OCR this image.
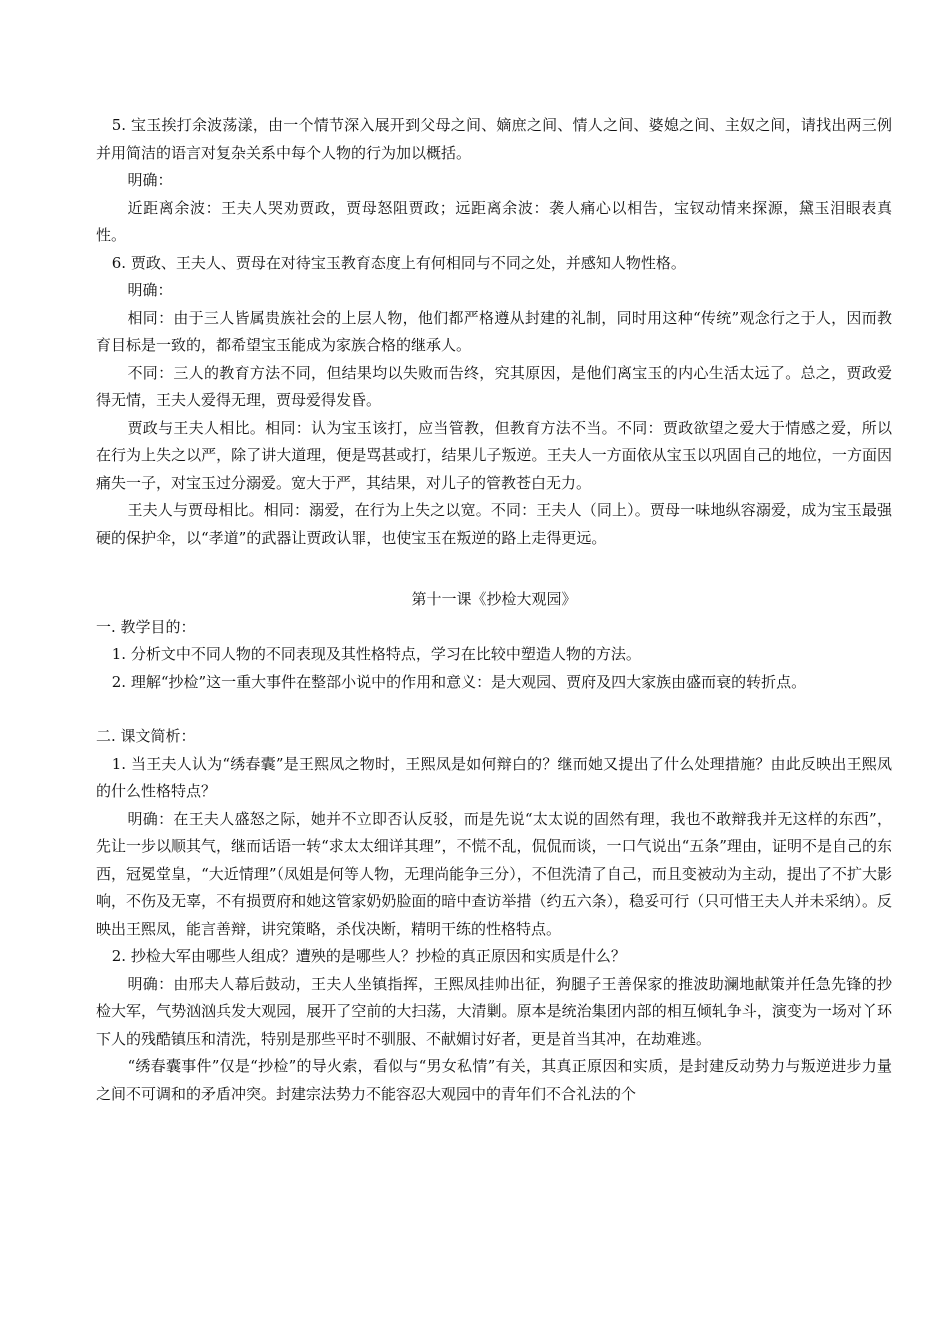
5. 宝玉挨打余波荡漾，由一个情节深入展开到父母之间、嫡庶之间、情人之间、婆媳之间、主奴之间，请找出两三例并用简洁的语言对复杂关系中每个人物的行为加以概括。

明确：

近距离余波：王夫人哭劝贾政，贾母怒阻贾政；远距离余波：袭人痛心以相告，宝钗动情来探源，黛玉泪眼表真性。

6. 贾政、王夫人、贾母在对待宝玉教育态度上有何相同与不同之处，并感知人物性格。

明确：

相同：由于三人皆属贵族社会的上层人物，他们都严格遵从封建的礼制，同时用这种“传统”观念行之于人，因而教育目标是一致的，都希望宝玉能成为家族合格的继承人。

不同：三人的教育方法不同，但结果均以失败而告终，究其原因，是他们离宝玉的内心生活太远了。总之，贾政爱得无情，王夫人爱得无理，贾母爱得发昏。

贾政与王夫人相比。相同：认为宝玉该打，应当管教，但教育方法不当。不同：贾政欲望之爱大于情感之爱，所以在行为上失之以严，除了讲大道理，便是骂甚或打，结果儿子叛逆。王夫人一方面依从宝玉以巩固自己的地位，一方面因痛失一子，对宝玉过分溺爱。宽大于严，其结果，对儿子的管教苍白无力。

王夫人与贾母相比。相同：溺爱，在行为上失之以宽。不同：王夫人（同上）。贾母一味地纵容溺爱，成为宝玉最强硬的保护伞，以“孝道”的武器让贾政认罪，也使宝玉在叛逆的路上走得更远。

第十一课《抄检大观园》

一. 教学目的：

1. 分析文中不同人物的不同表现及其性格特点，学习在比较中塑造人物的方法。

2. 理解“抄检”这一重大事件在整部小说中的作用和意义：是大观园、贾府及四大家族由盛而衰的转折点。

二. 课文简析：

1. 当王夫人认为“绣春囊”是王熙凤之物时，王熙凤是如何辩白的？继而她又提出了什么处理措施？由此反映出王熙凤的什么性格特点？

明确：在王夫人盛怒之际，她并不立即否认反驳，而是先说“太太说的固然有理，我也不敢辩我并无这样的东西”，先让一步以顺其气，继而话语一转“求太太细详其理”，不慌不乱，侃侃而谈，一口气说出“五条”理由，证明不是自己的东西，冠冕堂皇，“大近情理”（凤姐是何等人物，无理尚能争三分），不但洗清了自己，而且变被动为主动，提出了不扩大影响，不伤及无辜，不有损贾府和她这管家奶奶脸面的暗中查访举措（约五六条），稳妥可行（只可惜王夫人并未采纳）。反映出王熙凤，能言善辩，讲究策略，杀伐决断，精明干练的性格特点。

2. 抄检大军由哪些人组成？遭殃的是哪些人？抄检的真正原因和实质是什么？

明确：由邢夫人幕后鼓动，王夫人坐镇指挥，王熙凤挂帅出征，狗腿子王善保家的推波助澜地献策并任急先锋的抄检大军，气势汹汹兵发大观园，展开了空前的大扫荡，大清剿。原本是统治集团内部的相互倾轧争斗，演变为一场对丫环下人的残酷镇压和清洗，特别是那些平时不驯服、不献媚讨好者，更是首当其冲，在劫难逃。

“绣春囊事件”仅是“抄检”的导火索，看似与“男女私情”有关，其真正原因和实质，是封建反动势力与叛逆进步力量之间不可调和的矛盾冲突。封建宗法势力不能容忍大观园中的青年们不合礼法的个
